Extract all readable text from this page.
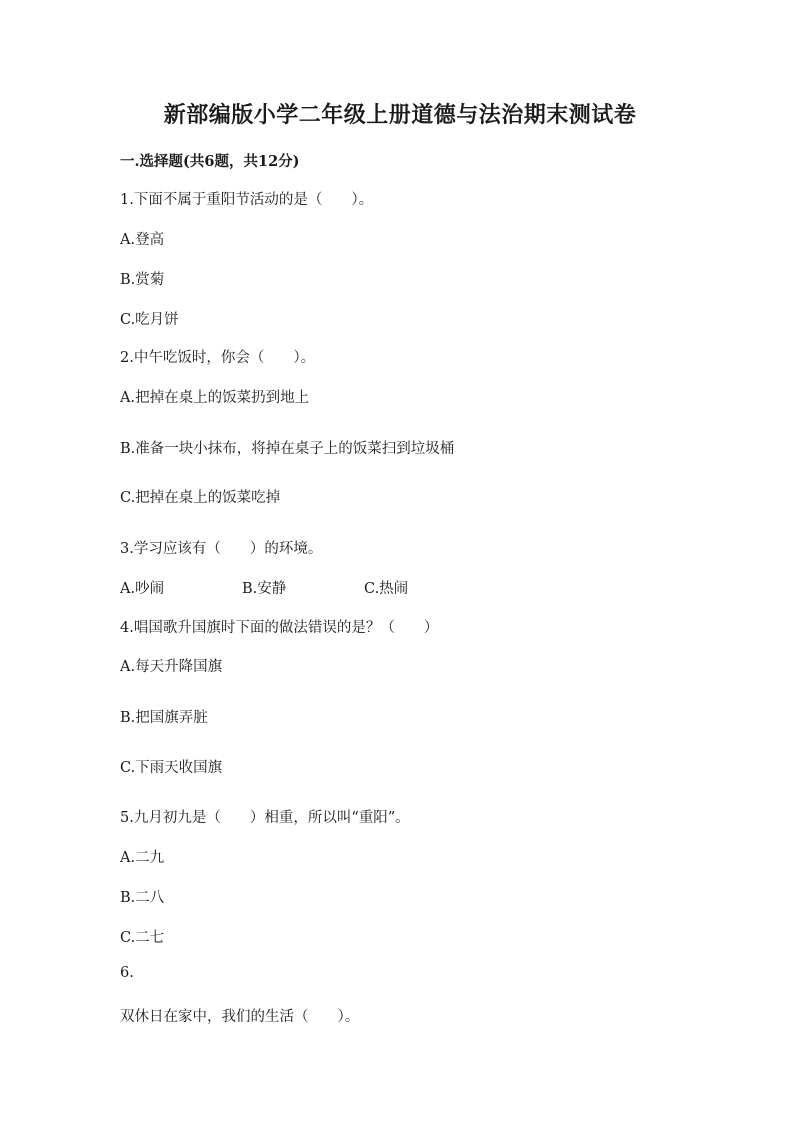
新部编版小学二年级上册道德与法治期末测试卷
一.选择题(共6题，共12分)
1.下面不属于重阳节活动的是（　　）。
A.登高
B.赏菊
C.吃月饼
2.中午吃饭时，你会（　　）。
A.把掉在桌上的饭菜扔到地上
B.准备一块小抹布，将掉在桌子上的饭菜扫到垃圾桶
C.把掉在桌上的饭菜吃掉
3.学习应该有（　　）的环境。
A.吵闹	B.安静	C.热闹
4.唱国歌升国旗时下面的做法错误的是？（　　）
A.每天升降国旗
B.把国旗弄脏
C.下雨天收国旗
5.九月初九是（　　）相重，所以叫“重阳”。
A.二九
B.二八
C.二七
6.
双休日在家中，我们的生活（　　）。
